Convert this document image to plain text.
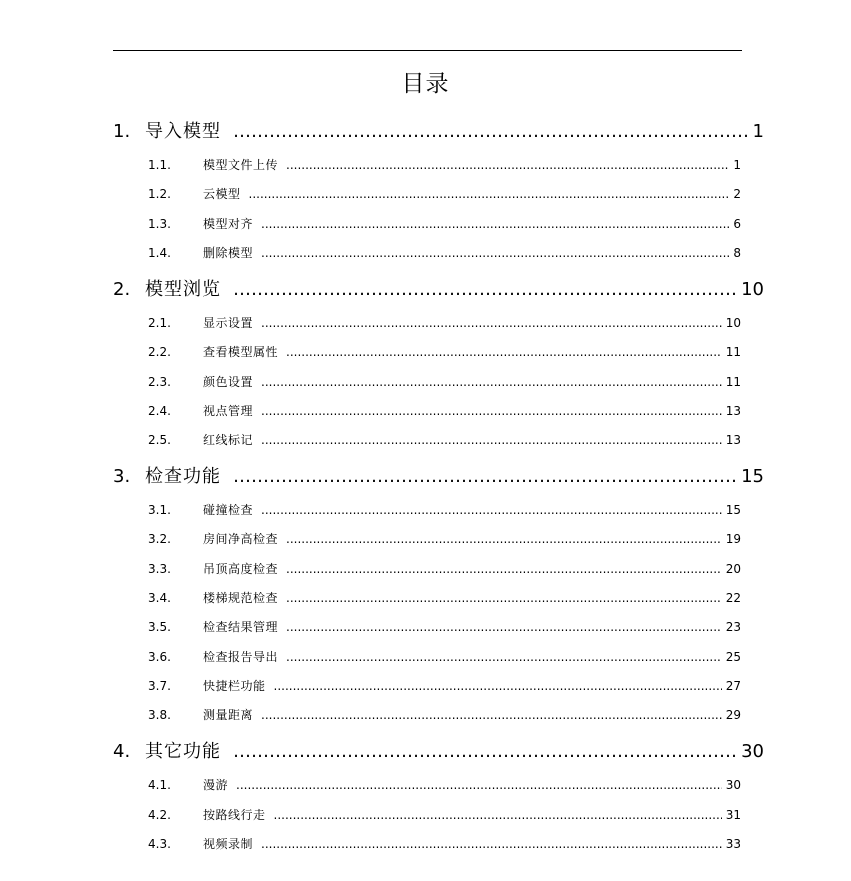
目录
1. 导入模型 ………………………………………………………………………………………………………………………………………………………………………	1
1.1.	模型文件上传 .....	1
1.2.	云模型 .....	2
1.3.	模型对齐 .....	6
1.4.	删除模型 .....	8
2. 模型浏览 ………………………………………………………………………………………………………………………………………………………………………	10
2.1.	显示设置 .....	10
2.2.	查看模型属性 .....	11
2.3.	颜色设置 .....	11
2.4.	视点管理 .....	13
2.5.	红线标记 .....	13
3. 检查功能 ………………………………………………………………………………………………………………………………………………………………………	15
3.1.	碰撞检查 .....	15
3.2.	房间净高检查 .....	19
3.3.	吊顶高度检查 .....	20
3.4.	楼梯规范检查 .....	22
3.5.	检查结果管理 .....	23
3.6.	检查报告导出 .....	25
3.7.	快捷栏功能 .....	27
3.8.	测量距离 .....	29
4. 其它功能 ………………………………………………………………………………………………………………………………………………………………………	30
4.1.	漫游 .....	30
4.2.	按路线行走 .....	31
4.3.	视频录制 .....	33
